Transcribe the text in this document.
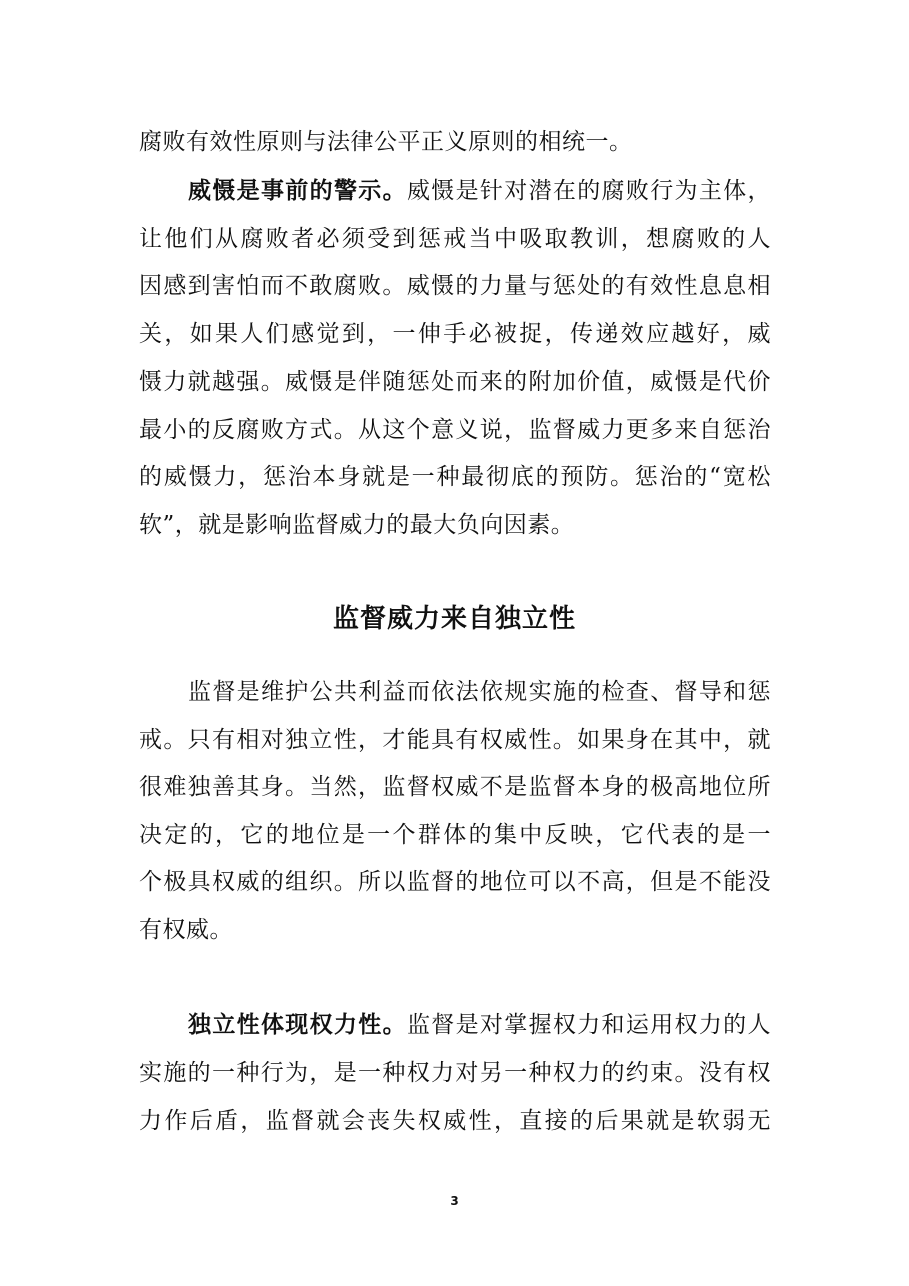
腐败有效性原则与法律公平正义原则的相统一。
威慑是事前的警示。威慑是针对潜在的腐败行为主体，
让他们从腐败者必须受到惩戒当中吸取教训，想腐败的人
因感到害怕而不敢腐败。威慑的力量与惩处的有效性息息相
关，如果人们感觉到，一伸手必被捉，传递效应越好，威
慑力就越强。威慑是伴随惩处而来的附加价值，威慑是代价
最小的反腐败方式。从这个意义说，监督威力更多来自惩治
的威慑力，惩治本身就是一种最彻底的预防。惩治的“宽松
软”，就是影响监督威力的最大负向因素。
监督威力来自独立性
监督是维护公共利益而依法依规实施的检查、督导和惩
戒。只有相对独立性，才能具有权威性。如果身在其中，就
很难独善其身。当然，监督权威不是监督本身的极高地位所
决定的，它的地位是一个群体的集中反映，它代表的是一
个极具权威的组织。所以监督的地位可以不高，但是不能没
有权威。
独立性体现权力性。监督是对掌握权力和运用权力的人
实施的一种行为，是一种权力对另一种权力的约束。没有权
力作后盾，监督就会丧失权威性，直接的后果就是软弱无
3
